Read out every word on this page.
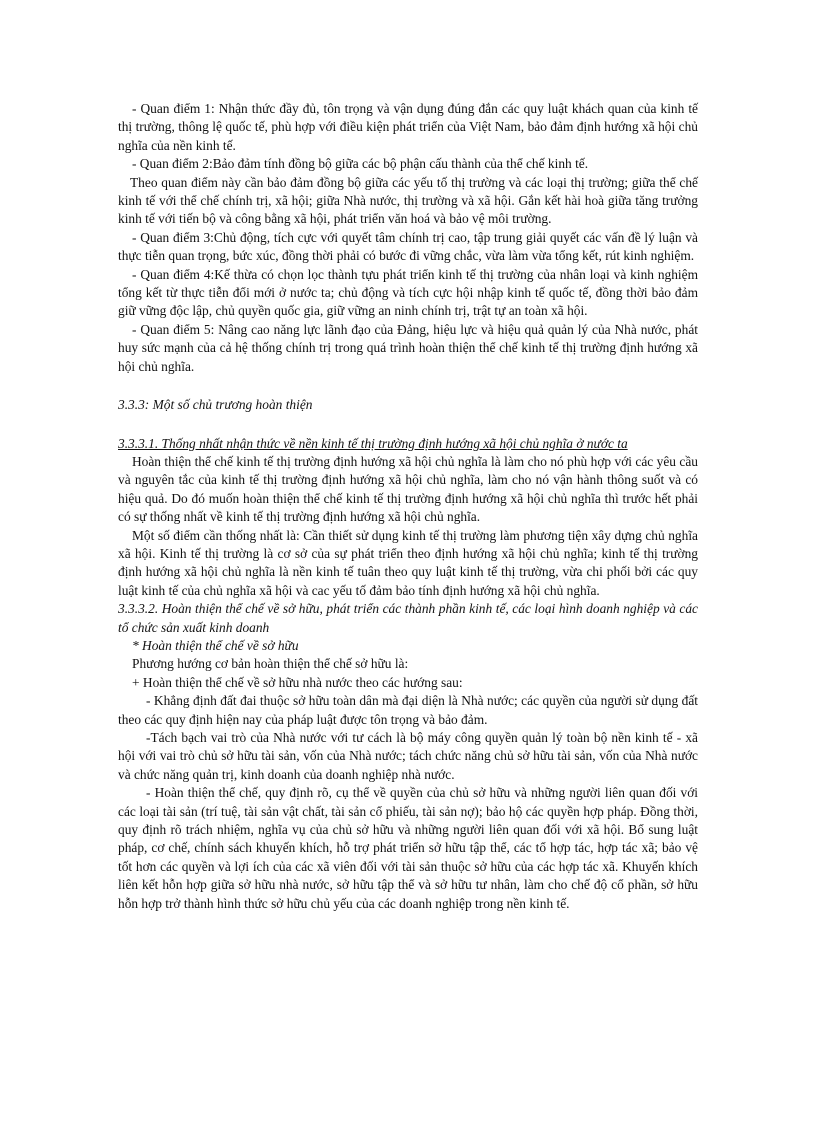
- Quan điểm 1: Nhận thức đầy đủ, tôn trọng và vận dụng đúng đắn các quy luật khách quan của kinh tế thị trường, thông lệ quốc tế, phù hợp với điều kiện phát triển của Việt Nam, bảo đảm định hướng xã hội chủ nghĩa của nền kinh tế.

- Quan điểm 2:Bảo đảm tính đồng bộ giữa các bộ phận cấu thành của thể chế kinh tế.

Theo quan điểm này cần bảo đảm đồng bộ giữa các yếu tố thị trường và các loại thị trường; giữa thể chế kinh tế với thể chế chính trị, xã hội; giữa Nhà nước, thị trường và xã hội. Gắn kết hài hoà giữa tăng trưởng kinh tế với tiến bộ và công bằng xã hội, phát triển văn hoá và bảo vệ môi trường.

- Quan điểm 3:Chủ động, tích cực với quyết tâm chính trị cao, tập trung giải quyết các vấn đề lý luận và thực tiễn quan trọng, bức xúc, đồng thời phải có bước đi vững chắc, vừa làm vừa tổng kết, rút kinh nghiệm.

- Quan điểm 4:Kế thừa có chọn lọc thành tựu phát triển kinh tế thị trường của nhân loại và kinh nghiệm tổng kết từ thực tiễn đổi mới ở nước ta; chủ động và tích cực hội nhập kinh tế quốc tế, đồng thời bảo đảm giữ vững độc lập, chủ quyền quốc gia, giữ vững an ninh chính trị, trật tự an toàn xã hội.

- Quan điểm 5: Nâng cao năng lực lãnh đạo của Đảng, hiệu lực và hiệu quả quản lý của Nhà nước, phát huy sức mạnh của cả hệ thống chính trị trong quá trình hoàn thiện thể chế kinh tế thị trường định hướng xã hội chủ nghĩa.

3.3.3: Một số chủ trương hoàn thiện

3.3.3.1. Thống nhất nhận thức về nền kinh tế thị trường định hướng xã hội chủ nghĩa ở nước ta

Hoàn thiện thể chế kinh tế thị trường định hướng xã hội chủ nghĩa là làm cho nó phù hợp với các yêu cầu và nguyên tắc của kinh tế thị trường định hướng xã hội chủ nghĩa, làm cho nó vận hành thông suốt và có hiệu quả. Do đó muốn hoàn thiện thể chế kinh tế thị trường định hướng xã hội chủ nghĩa thì trước hết phải có sự thống nhất về kinh tế thị trường định hướng xã hội chủ nghĩa.

Một số điểm cần thống nhất là: Cần thiết sử dụng kinh tế thị trường làm phương tiện xây dựng chủ nghĩa xã hội. Kinh tế thị trường là cơ sở của sự phát triển theo định hướng xã hội chủ nghĩa; kinh tế thị trường định hướng xã hội chủ nghĩa là nền kinh tế tuân theo quy luật kinh tế thị trường, vừa chi phối bởi các quy luật kinh tế của chủ nghĩa xã hội và cac yếu tố đảm bảo tính định hướng xã hội chủ nghĩa.

3.3.3.2. Hoàn thiện thể chế về sở hữu, phát triển các thành phần kinh tế, các loại hình doanh nghiệp và các tổ chức sản xuất kinh doanh

* Hoàn thiện thể chế về sở hữu

Phương hướng cơ bản hoàn thiện thể chế sở hữu là:

+ Hoàn thiện thể chế về sở hữu nhà nước theo các hướng sau:

- Khẳng định đất đai thuộc sở hữu toàn dân mà đại diện là Nhà nước; các quyền của người sử dụng đất theo các quy định hiện nay của pháp luật được tôn trọng và bảo đảm.

-Tách bạch vai trò của Nhà nước với tư cách là bộ máy công quyền quản lý toàn bộ nền kinh tế - xã hội với vai trò chủ sở hữu tài sản, vốn của Nhà nước; tách chức năng chủ sở hữu tài sản, vốn của Nhà nước và chức năng quản trị, kinh doanh của doanh nghiệp nhà nước.

- Hoàn thiện thể chế, quy định rõ, cụ thể về quyền của chủ sở hữu và những người liên quan đối với các loại tài sản (trí tuệ, tài sản vật chất, tài sản cổ phiếu, tài sản nợ); bảo hộ các quyền hợp pháp. Đồng thời, quy định rõ trách nhiệm, nghĩa vụ của chủ sở hữu và những người liên quan đối với xã hội. Bổ sung luật pháp, cơ chế, chính sách khuyến khích, hỗ trợ phát triển sở hữu tập thể, các tổ hợp tác, hợp tác xã; bảo vệ tốt hơn các quyền và lợi ích của các xã viên đối với tài sản thuộc sở hữu của các hợp tác xã. Khuyến khích liên kết hỗn hợp giữa sở hữu nhà nước, sở hữu tập thể và sở hữu tư nhân, làm cho chế độ cổ phần, sở hữu hỗn hợp trở thành hình thức sở hữu chủ yếu của các doanh nghiệp trong nền kinh tế.
